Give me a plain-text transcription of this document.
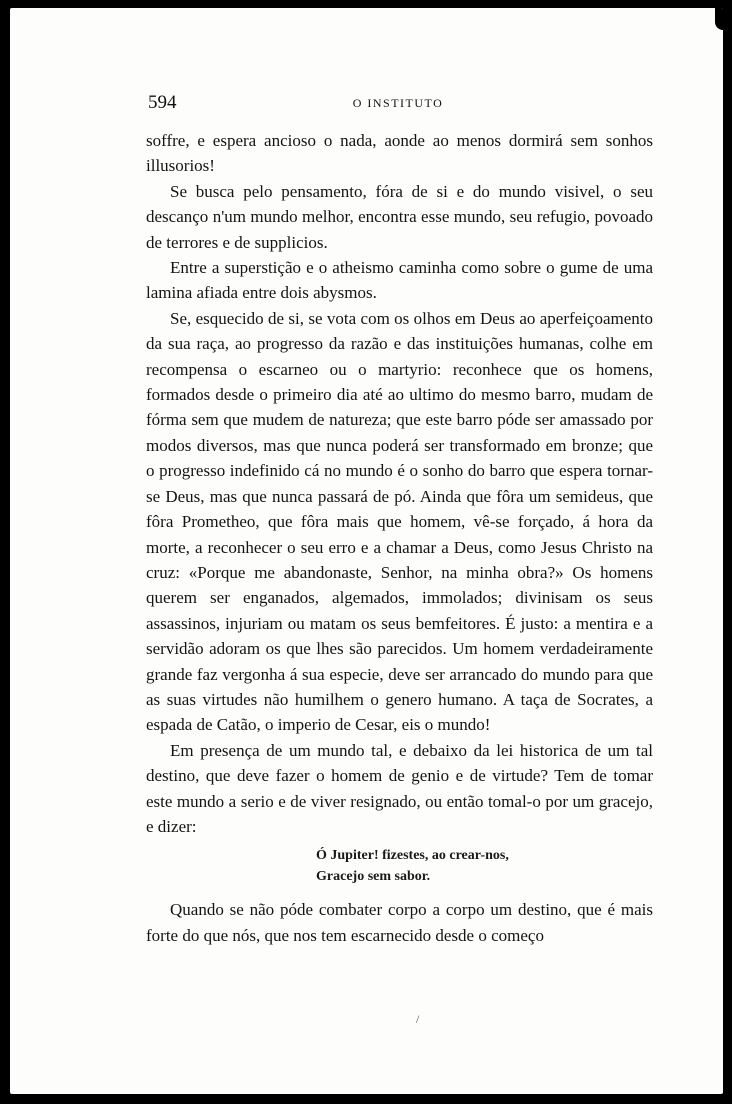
594	O INSTITUTO

soffre, e espera ancioso o nada, aonde ao menos dormirá sem sonhos illusorios!

Se busca pelo pensamento, fóra de si e do mundo visivel, o seu descanço n'um mundo melhor, encontra esse mundo, seu refugio, povoado de terrores e de supplicios.

Entre a superstição e o atheismo caminha como sobre o gume de uma lamina afiada entre dois abysmos.

Se, esquecido de si, se vota com os olhos em Deus ao aperfeiçoamento da sua raça, ao progresso da razão e das instituições humanas, colhe em recompensa o escarneo ou o martyrio: reconhece que os homens, formados desde o primeiro dia até ao ultimo do mesmo barro, mudam de fórma sem que mudem de natureza; que este barro póde ser amassado por modos diversos, mas que nunca poderá ser transformado em bronze; que o progresso indefinido cá no mundo é o sonho do barro que espera tornar-se Deus, mas que nunca passará de pó. Ainda que fôra um semideus, que fôra Prometheo, que fôra mais que homem, vê-se forçado, á hora da morte, a reconhecer o seu erro e a chamar a Deus, como Jesus Christo na cruz: «Porque me abandonaste, Senhor, na minha obra?» Os homens querem ser enganados, algemados, immolados; divinisam os seus assassinos, injuriam ou matam os seus bemfeitores. É justo: a mentira e a servidão adoram os que lhes são parecidos. Um homem verdadeiramente grande faz vergonha á sua especie, deve ser arrancado do mundo para que as suas virtudes não humilhem o genero humano. A taça de Socrates, a espada de Catão, o imperio de Cesar, eis o mundo!

Em presença de um mundo tal, e debaixo da lei historica de um tal destino, que deve fazer o homem de genio e de virtude? Tem de tomar este mundo a serio e de viver resignado, ou então tomal-o por um gracejo, e dizer:

Ó Jupiter! fizestes, ao crear-nos,
Gracejo sem sabor.

Quando se não póde combater corpo a corpo um destino, que é mais forte do que nós, que nos tem escarnecido desde o começo

/
